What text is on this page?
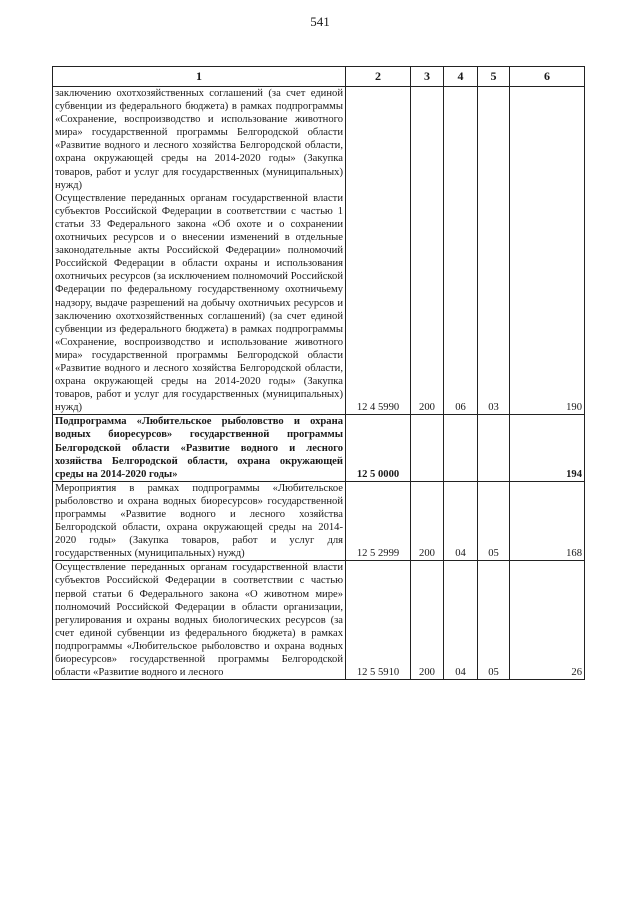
541
1	2	3	4	5	6

заключению охотхозяйственных соглашений (за счет единой субвенции из федерального бюджета) в рамках подпрограммы «Сохранение, воспроизводство и использование животного мира» государственной программы Белгородской области «Развитие водного и лесного хозяйства Белгородской области, охрана окружающей среды на 2014-2020 годы» (Закупка товаров, работ и услуг для государственных (муниципальных) нужд)

Осуществление переданных органам государственной власти субъектов Российской Федерации в соответствии с частью 1 статьи 33 Федерального закона «Об охоте и о сохранении охотничьих ресурсов и о внесении изменений в отдельные законодательные акты Российской Федерации» полномочий Российской Федерации в области охраны и использования охотничьих ресурсов (за исключением полномочий Российской Федерации по федеральному государственному охотничьему надзору, выдаче разрешений на добычу охотничьих ресурсов и заключению охотхозяйственных соглашений) (за счет единой субвенции из федерального бюджета) в рамках подпрограммы «Сохранение, воспроизводство и использование животного мира» государственной программы Белгородской области «Развитие водного и лесного хозяйства Белгородской области, охрана окружающей среды на 2014-2020 годы» (Закупка товаров, работ и услуг для государственных (муниципальных) нужд)	12 4 5990	200	06	03	190

Подпрограмма «Любительское рыболовство и охрана водных биоресурсов» государственной программы Белгородской области «Развитие водного и лесного хозяйства Белгородской области, охрана окружающей среды на 2014-2020 годы»	12 5 0000				194

Мероприятия в рамках подпрограммы «Любительское рыболовство и охрана водных биоресурсов» государственной программы «Развитие водного и лесного хозяйства Белгородской области, охрана окружающей среды на 2014-2020 годы» (Закупка товаров, работ и услуг для государственных (муниципальных) нужд)	12 5 2999	200	04	05	168

Осуществление переданных органам государственной власти субъектов Российской Федерации в соответствии с частью первой статьи 6 Федерального закона «О животном мире» полномочий Российской Федерации в области организации, регулирования и охраны водных биологических ресурсов (за счет единой субвенции из федерального бюджета) в рамках подпрограммы «Любительское рыболовство и охрана водных биоресурсов» государственной программы Белгородской области «Развитие водного и лесного	12 5 5910	200	04	05	26
